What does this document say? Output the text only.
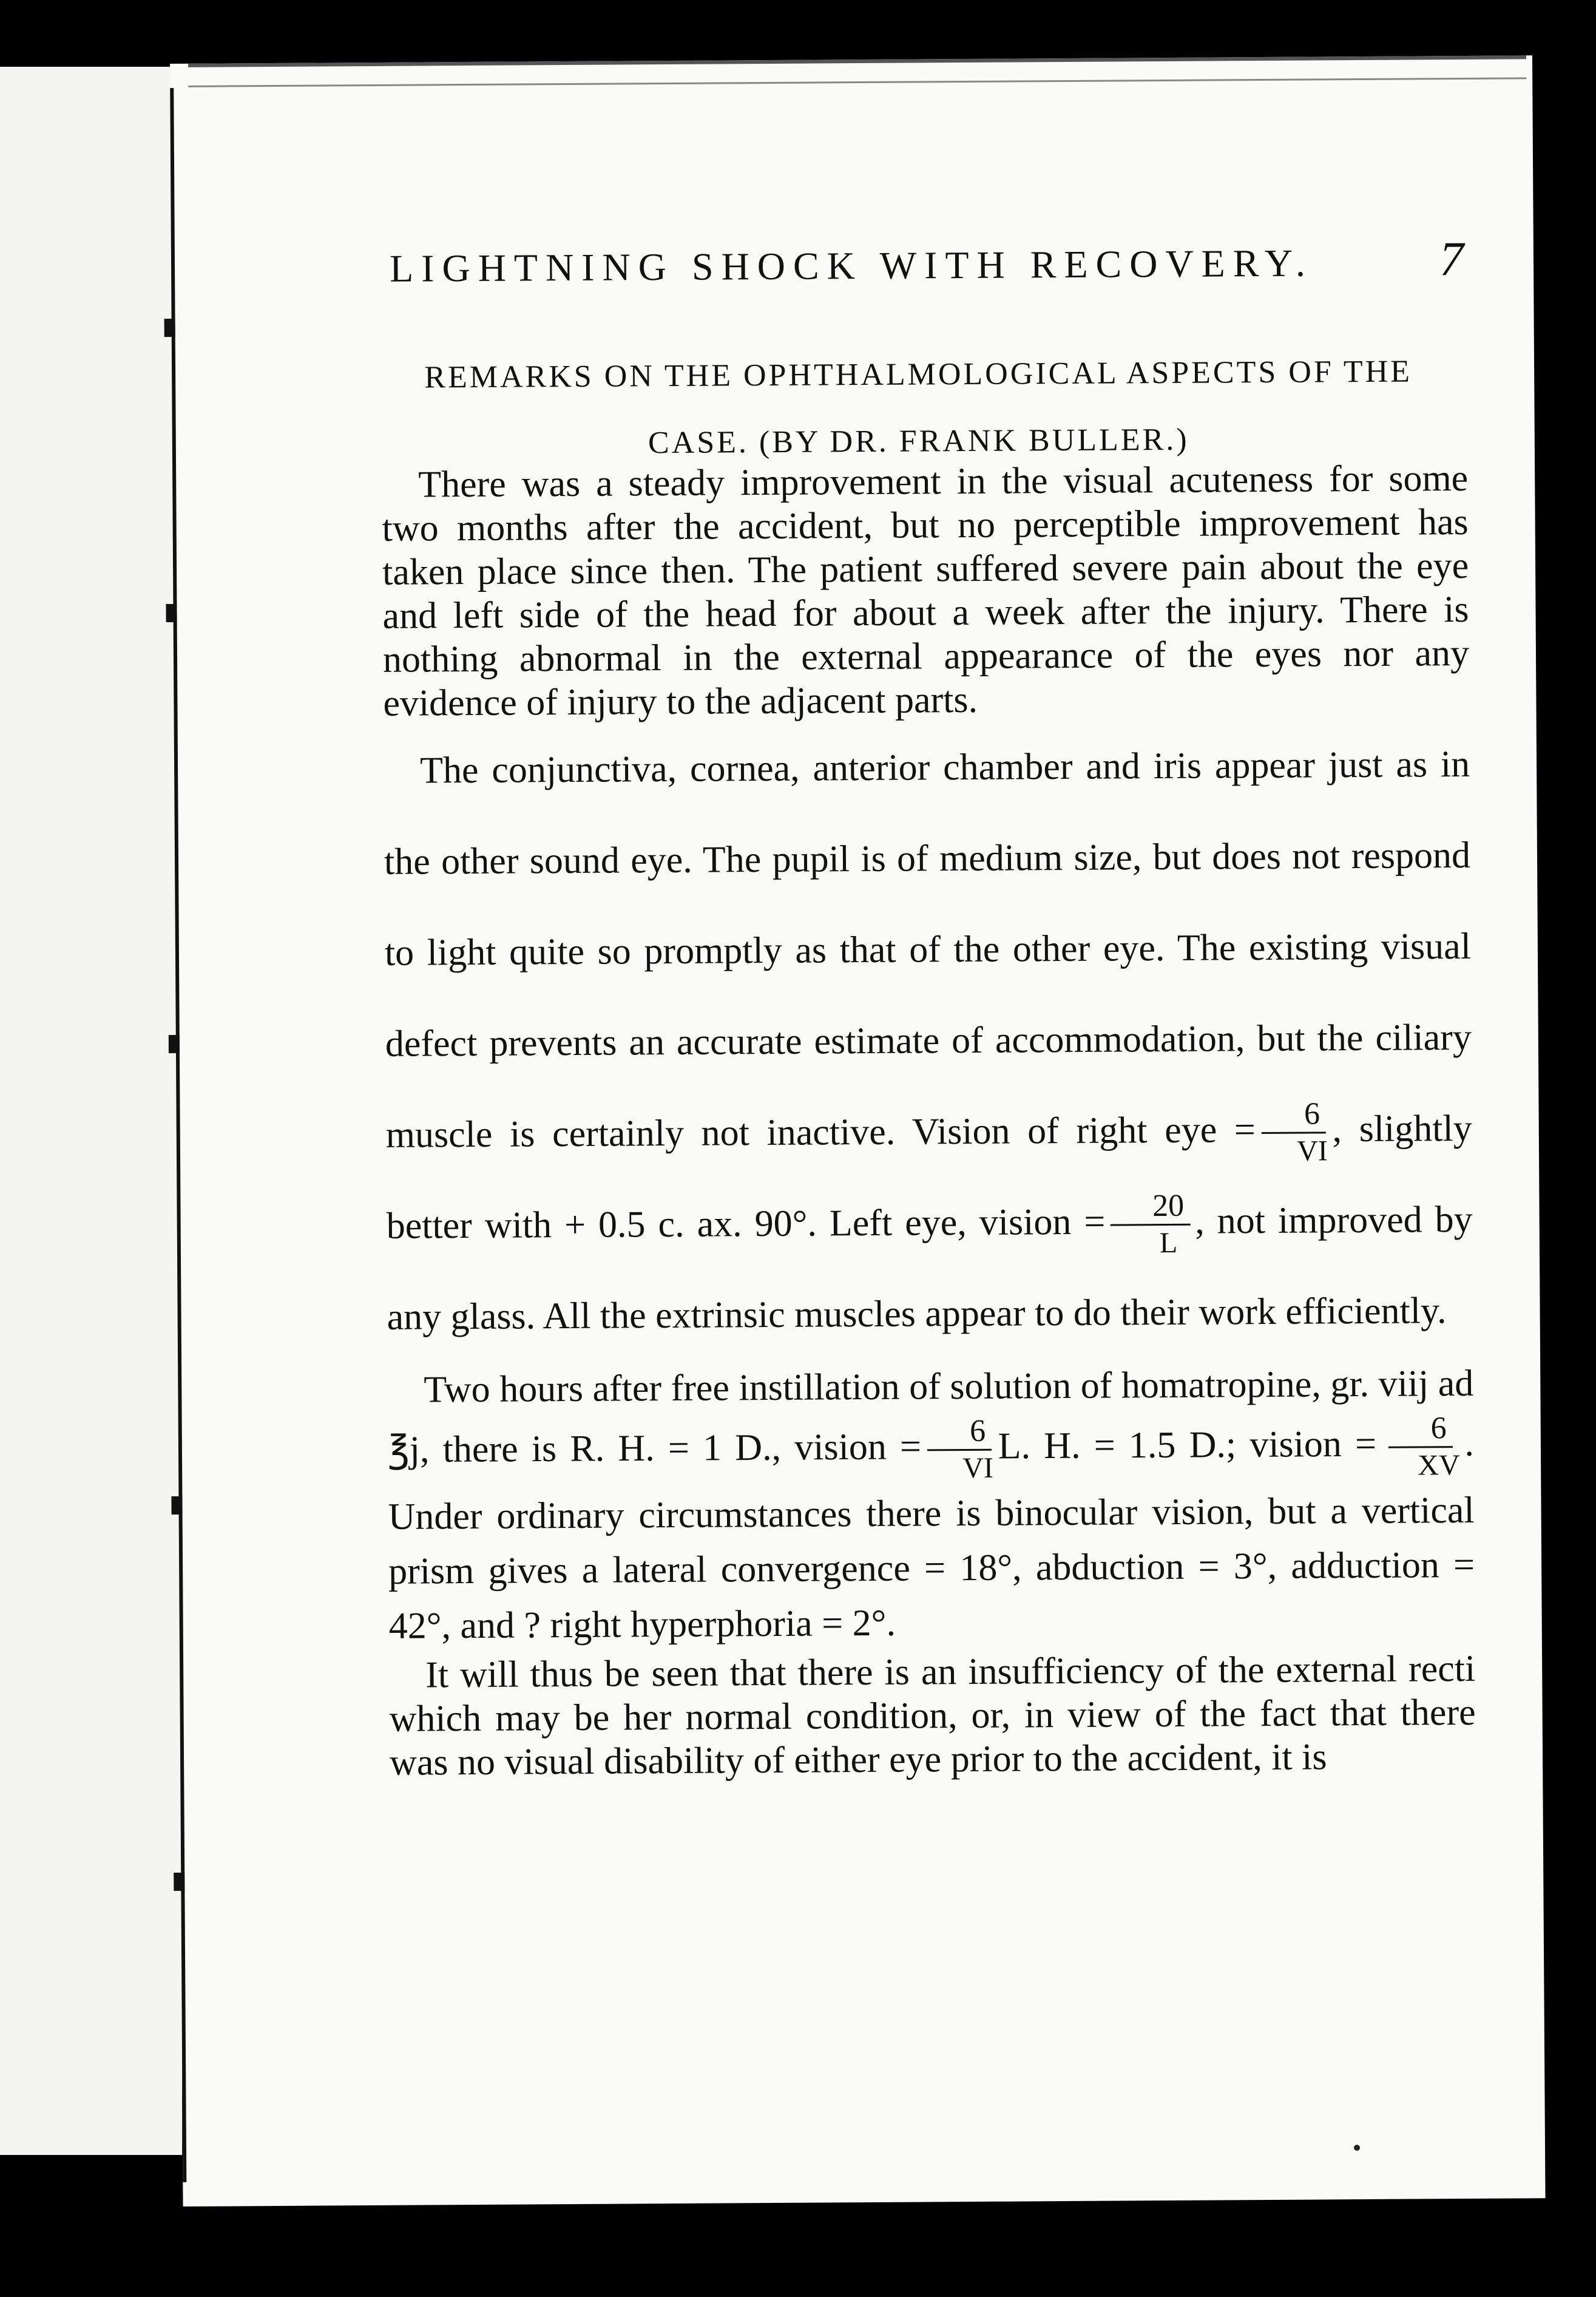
LIGHTNING SHOCK WITH RECOVERY.	7
REMARKS ON THE OPHTHALMOLOGICAL ASPECTS OF THE
CASE. (BY DR. FRANK BULLER.)

There was a steady improvement in the visual acuteness for some two months after the accident, but no perceptible improvement has taken place since then. The patient suffered severe pain about the eye and left side of the head for about a week after the injury. There is nothing abnormal in the external appearance of the eyes nor any evidence of injury to the adjacent parts.

The conjunctiva, cornea, anterior chamber and iris appear just as in the other sound eye. The pupil is of medium size, but does not respond to light quite so promptly as that of the other eye. The existing visual defect prevents an accurate estimate of accommodation, but the ciliary muscle is certainly not inactive. Vision of right eye = $\frac{6}{VI}$ , slightly better with + 0.5 c. ax. 90°. Left eye, vision = $\frac{20}{L}$ , not improved by any glass. All the extrinsic muscles appear to do their work efficiently.

Two hours after free instillation of solution of homatropine, gr. viij ad ℥j, there is R. H. = 1 D., vision = $\frac{6}{VI} L$. H. = 1.5 D.; vision = $\frac{6}{XV}$ . Under ordinary circumstances there is binocular vision, but a vertical prism gives a lateral convergence = 18°, abduction = 3°, adduction = 42°, and ? right hyperphoria = 2°.

It will thus be seen that there is an insufficiency of the external recti which may be her normal condition, or, in view of the fact that there was no visual disability of either eye prior to the accident, it is
